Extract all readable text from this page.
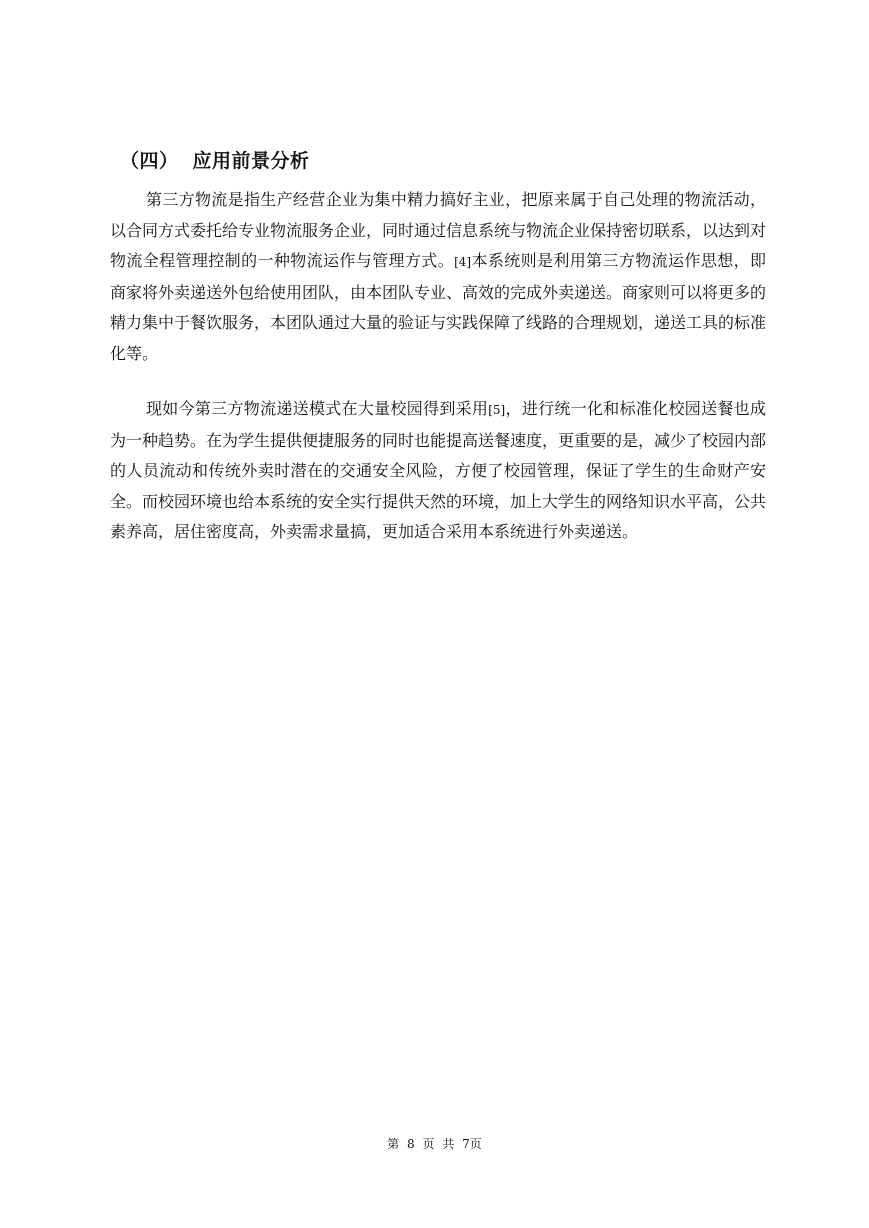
（四） 应用前景分析

第三方物流是指生产经营企业为集中精力搞好主业，把原来属于自己处理的物流活动，以合同方式委托给专业物流服务企业，同时通过信息系统与物流企业保持密切联系，以达到对物流全程管理控制的一种物流运作与管理方式。[4]本系统则是利用第三方物流运作思想，即商家将外卖递送外包给使用团队，由本团队专业、高效的完成外卖递送。商家则可以将更多的精力集中于餐饮服务，本团队通过大量的验证与实践保障了线路的合理规划，递送工具的标准化等。

现如今第三方物流递送模式在大量校园得到采用[5]，进行统一化和标准化校园送餐也成为一种趋势。在为学生提供便捷服务的同时也能提高送餐速度，更重要的是，减少了校园内部的人员流动和传统外卖时潜在的交通安全风险，方便了校园管理，保证了学生的生命财产安全。而校园环境也给本系统的安全实行提供天然的环境，加上大学生的网络知识水平高，公共素养高，居住密度高，外卖需求量搞，更加适合采用本系统进行外卖递送。

第 8 页 共 7页
